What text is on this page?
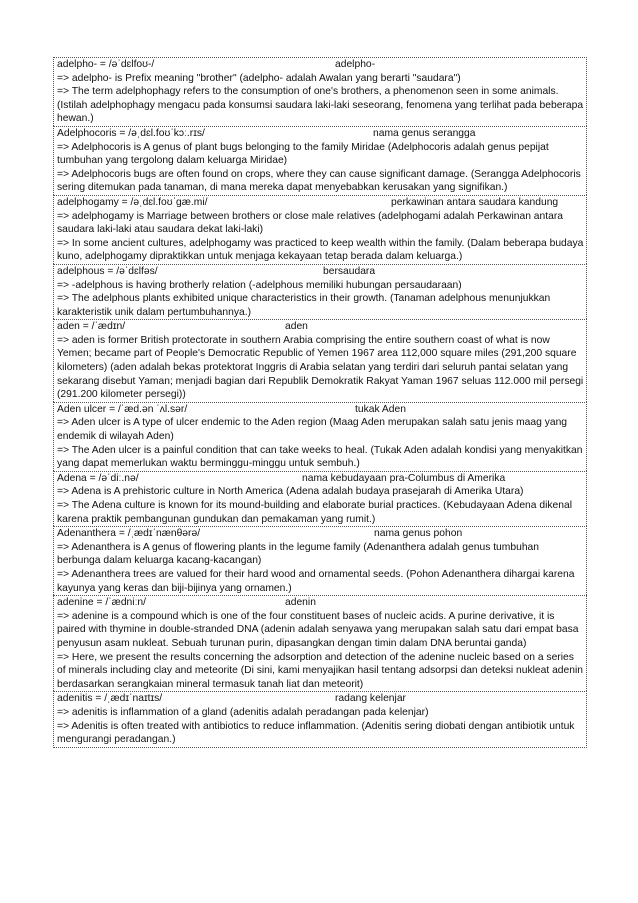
adelpho- = /əˈdɛlfoʊ-/	adelpho-
=> adelpho- is Prefix meaning "brother" (adelpho- adalah Awalan yang berarti "saudara")
=> The term adelphophagy refers to the consumption of one's brothers, a phenomenon seen in some animals. (Istilah adelphophagy mengacu pada konsumsi saudara laki-laki seseorang, fenomena yang terlihat pada beberapa hewan.)
Adelphocoris = /əˌdɛl.foʊˈkɔː.rɪs/	nama genus serangga
=> Adelphocoris is A genus of plant bugs belonging to the family Miridae (Adelphocoris adalah genus pepijat tumbuhan yang tergolong dalam keluarga Miridae)
=> Adelphocoris bugs are often found on crops, where they can cause significant damage. (Serangga Adelphocoris sering ditemukan pada tanaman, di mana mereka dapat menyebabkan kerusakan yang signifikan.)
adelphogamy = /əˌdɛl.foʊˈgæ.mi/	perkawinan antara saudara kandung
=> adelphogamy is Marriage between brothers or close male relatives (adelphogami adalah Perkawinan antara saudara laki-laki atau saudara dekat laki-laki)
=> In some ancient cultures, adelphogamy was practiced to keep wealth within the family. (Dalam beberapa budaya kuno, adelphogamy dipraktikkan untuk menjaga kekayaan tetap berada dalam keluarga.)
adelphous = /əˈdɛlfəs/	bersaudara
=> -adelphous is having brotherly relation (-adelphous memiliki hubungan persaudaraan)
=> The adelphous plants exhibited unique characteristics in their growth. (Tanaman adelphous menunjukkan karakteristik unik dalam pertumbuhannya.)
aden = /ˈædɪn/	aden
=> aden is former British protectorate in southern Arabia comprising the entire southern coast of what is now Yemen; became part of People's Democratic Republic of Yemen 1967 area 112,000 square miles (291,200 square kilometers) (aden adalah bekas protektorat Inggris di Arabia selatan yang terdiri dari seluruh pantai selatan yang sekarang disebut Yaman; menjadi bagian dari Republik Demokratik Rakyat Yaman 1967 seluas 112.000 mil persegi (291.200 kilometer persegi))
Aden ulcer = /ˈæd.ən ˈʌl.sər/	tukak Aden
=> Aden ulcer is A type of ulcer endemic to the Aden region (Maag Aden merupakan salah satu jenis maag yang endemik di wilayah Aden)
=> The Aden ulcer is a painful condition that can take weeks to heal. (Tukak Aden adalah kondisi yang menyakitkan yang dapat memerlukan waktu berminggu-minggu untuk sembuh.)
Adena = /əˈdiː.nə/	nama kebudayaan pra-Columbus di Amerika
=> Adena is A prehistoric culture in North America (Adena adalah budaya prasejarah di Amerika Utara)
=> The Adena culture is known for its mound-building and elaborate burial practices. (Kebudayaan Adena dikenal karena praktik pembangunan gundukan dan pemakaman yang rumit.)
Adenanthera = /ˌædɪˈnænθərə/	nama genus pohon
=> Adenanthera is A genus of flowering plants in the legume family (Adenanthera adalah genus tumbuhan berbunga dalam keluarga kacang-kacangan)
=> Adenanthera trees are valued for their hard wood and ornamental seeds. (Pohon Adenanthera dihargai karena kayunya yang keras dan biji-bijinya yang ornamen.)
adenine = /ˈædniːn/	adenin
=> adenine is a compound which is one of the four constituent bases of nucleic acids. A purine derivative, it is paired with thymine in double-stranded DNA (adenin adalah senyawa yang merupakan salah satu dari empat basa penyusun asam nukleat. Sebuah turunan purin, dipasangkan dengan timin dalam DNA beruntai ganda)
=> Here, we present the results concerning the adsorption and detection of the adenine nucleic based on a series of minerals including clay and meteorite (Di sini, kami menyajikan hasil tentang adsorpsi dan deteksi nukleat adenin berdasarkan serangkaian mineral termasuk tanah liat dan meteorit)
adenitis = /ˌædɪˈnaɪtɪs/	radang kelenjar
=> adenitis is inflammation of a gland (adenitis adalah peradangan pada kelenjar)
=> Adenitis is often treated with antibiotics to reduce inflammation. (Adenitis sering diobati dengan antibiotik untuk mengurangi peradangan.)
